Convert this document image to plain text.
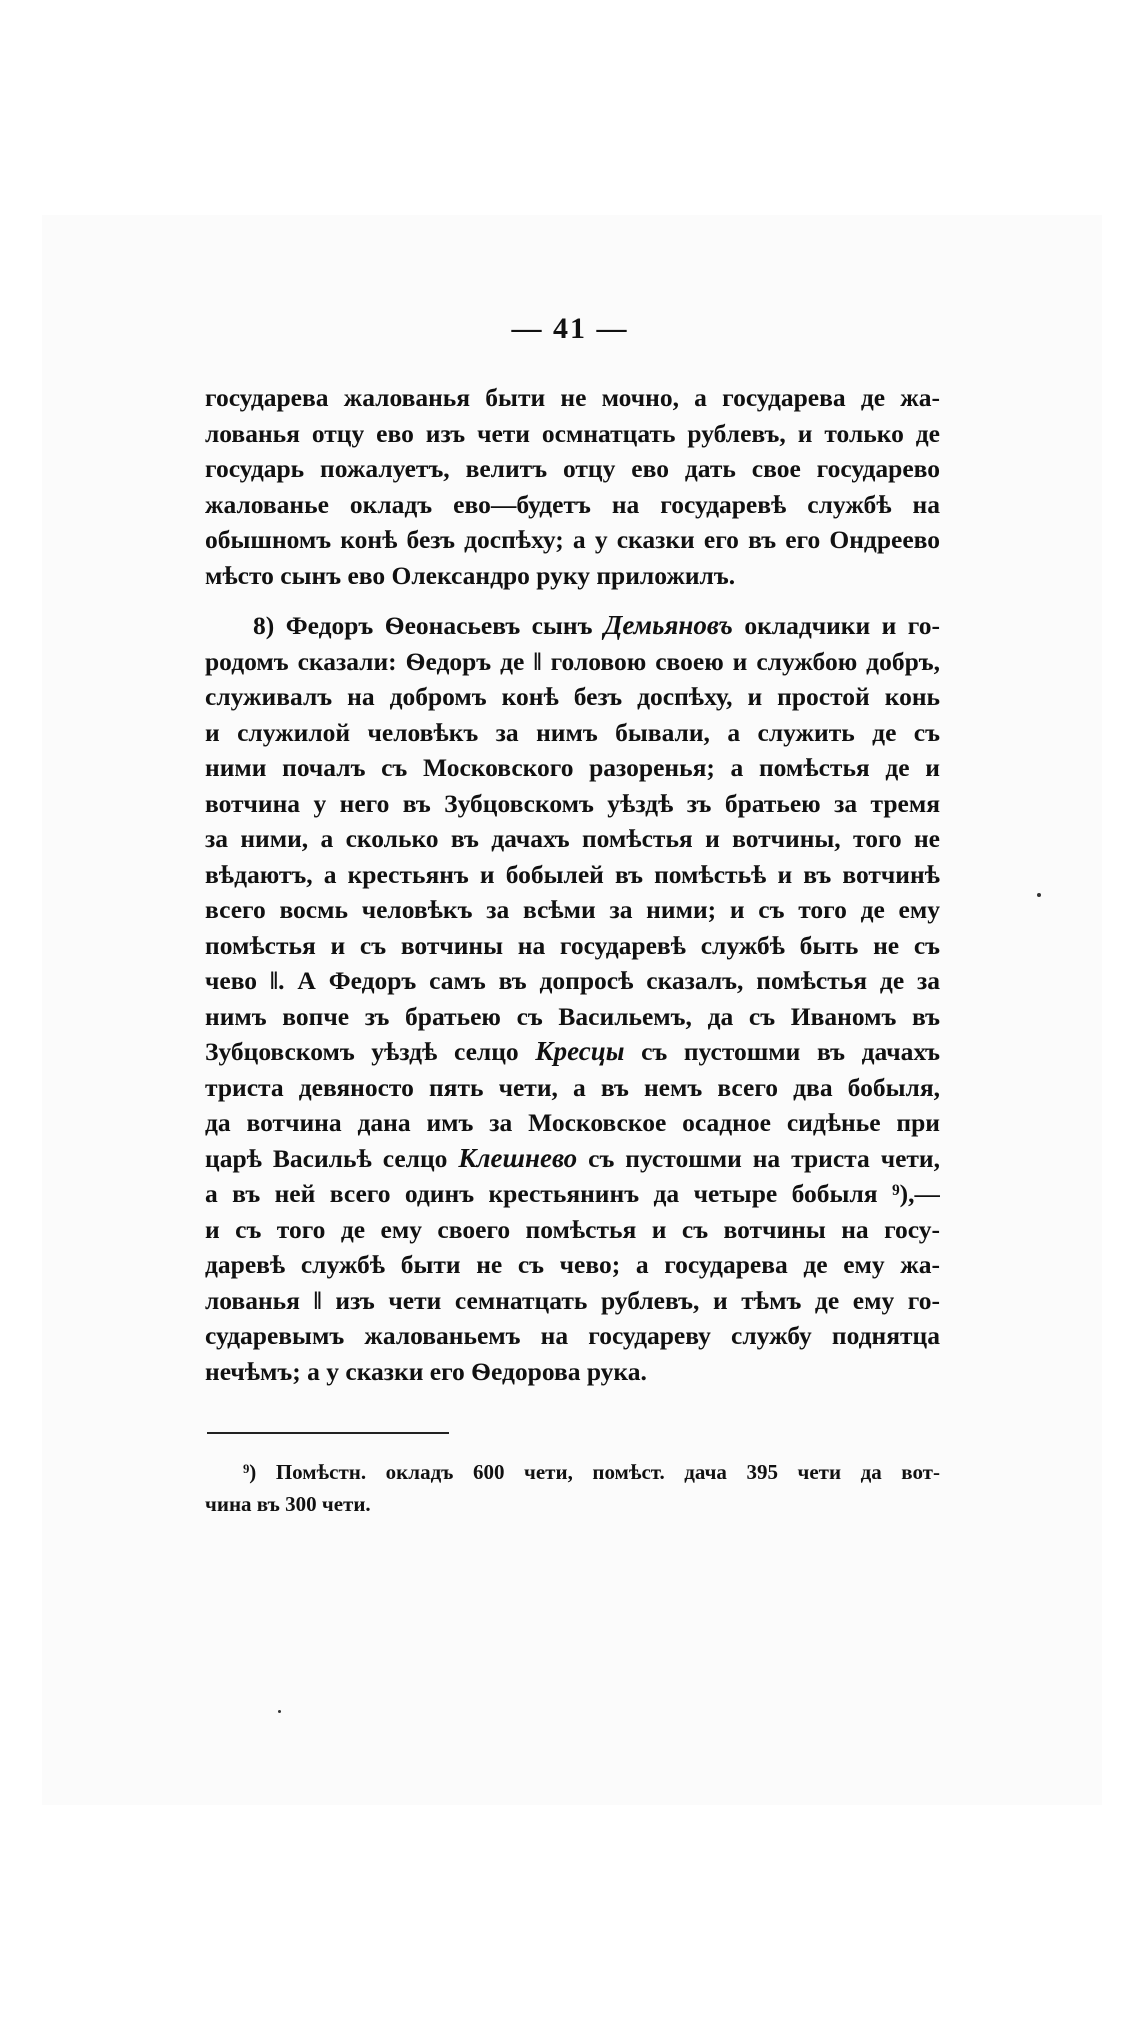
— 41 —
государева жалованья быти не мочно, а государева де жа-
лованья отцу ево изъ чети осмнатцать рублевъ, и только де
государь пожалуетъ, велитъ отцу ево дать свое государево
жалованье окладъ ево—будетъ на государевѣ службѣ на
обышномъ конѣ безъ доспѣху; а у сказки его въ его Ондреево
мѣсто сынъ ево Олександро руку приложилъ.
8) Федоръ Ѳеонасьевъ сынъ Демьяновъ окладчики и го-
родомъ сказали: Ѳедоръ де ‖ головою своею и службою добръ,
служивалъ на добромъ конѣ безъ доспѣху, и простой конь
и служилой человѣкъ за нимъ бывали, а служить де съ
ними почалъ съ Московского разоренья; а помѣстья де и
вотчина у него въ Зубцовскомъ уѣздѣ зъ братьею за тремя
за ними, а сколько въ дачахъ помѣстья и вотчины, того не
вѣдаютъ, а крестьянъ и бобылей въ помѣстьѣ и въ вотчинѣ
всего восмь человѣкъ за всѣми за ними; и съ того де ему
помѣстья и съ вотчины на государевѣ службѣ быть не съ
чево ‖. А Федоръ самъ въ допросѣ сказалъ, помѣстья де за
нимъ вопче зъ братьею съ Васильемъ, да съ Иваномъ въ
Зубцовскомъ уѣздѣ селцо Кресцы съ пустошми въ дачахъ
триста девяносто пять чети, а въ немъ всего два бобыля,
да вотчина дана имъ за Московское осадное сидѣнье при
царѣ Васильѣ селцо Клешнево съ пустошми на триста чети,
а въ ней всего одинъ крестьянинъ да четыре бобыля ⁹),—
и съ того де ему своего помѣстья и съ вотчины на госу-
даревѣ службѣ быти не съ чево; а государева де ему жа-
лованья ‖ изъ чети семнатцать рублевъ, и тѣмъ де ему го-
сударевымъ жалованьемъ на государеву службу поднятца
нечѣмъ; а у сказки его Ѳедорова рука.
⁹) Помѣстн. окладъ 600 чети, помѣст. дача 395 чети да вот-
чина въ 300 чети.
